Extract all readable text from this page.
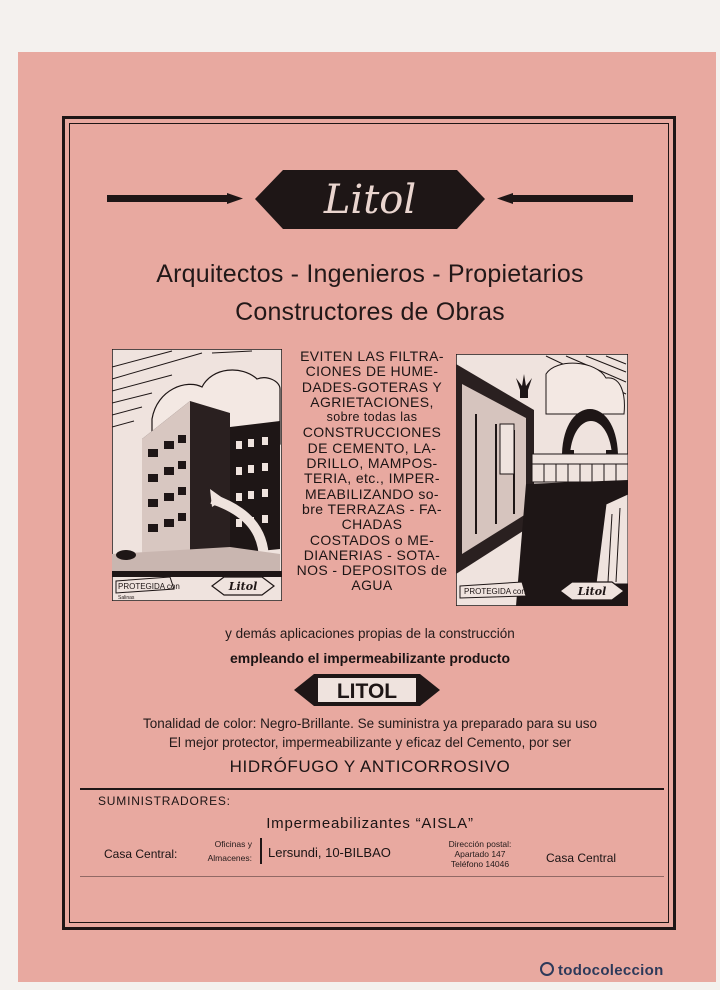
Litol
Arquitectos - Ingenieros - Propietarios
Constructores de Obras
PROTEGIDA con	Litol
Salinas
EVITEN LAS FILTRA-
CIONES DE HUME-
DADES-GOTERAS Y
AGRIETACIONES,
sobre todas las
CONSTRUCCIONES
DE CEMENTO, LA-
DRILLO, MAMPOS-
TERIA, etc., IMPER-
MEABILIZANDO so-
bre TERRAZAS - FA-
CHADAS
COSTADOS o ME-
DIANERIAS - SOTA-
NOS - DEPOSITOS de
AGUA	PROTEGIDA con	Litol
y demás aplicaciones propias de la construcción
empleando el impermeabilizante producto
LITOL
Tonalidad de color: Negro-Brillante. Se suministra ya preparado para su uso
El mejor protector, impermeabilizante y eficaz del Cemento, por ser
HIDRÓFUGO Y ANTICORROSIVO
SUMINISTRADORES:
Impermeabilizantes “AISLA”
Casa Central:
Oficinas y
Almacenes: Lersundi, 10-BILBAO
Dirección postal:
Apartado 147
Teléfono 14046	Casa Central
todocoleccion
